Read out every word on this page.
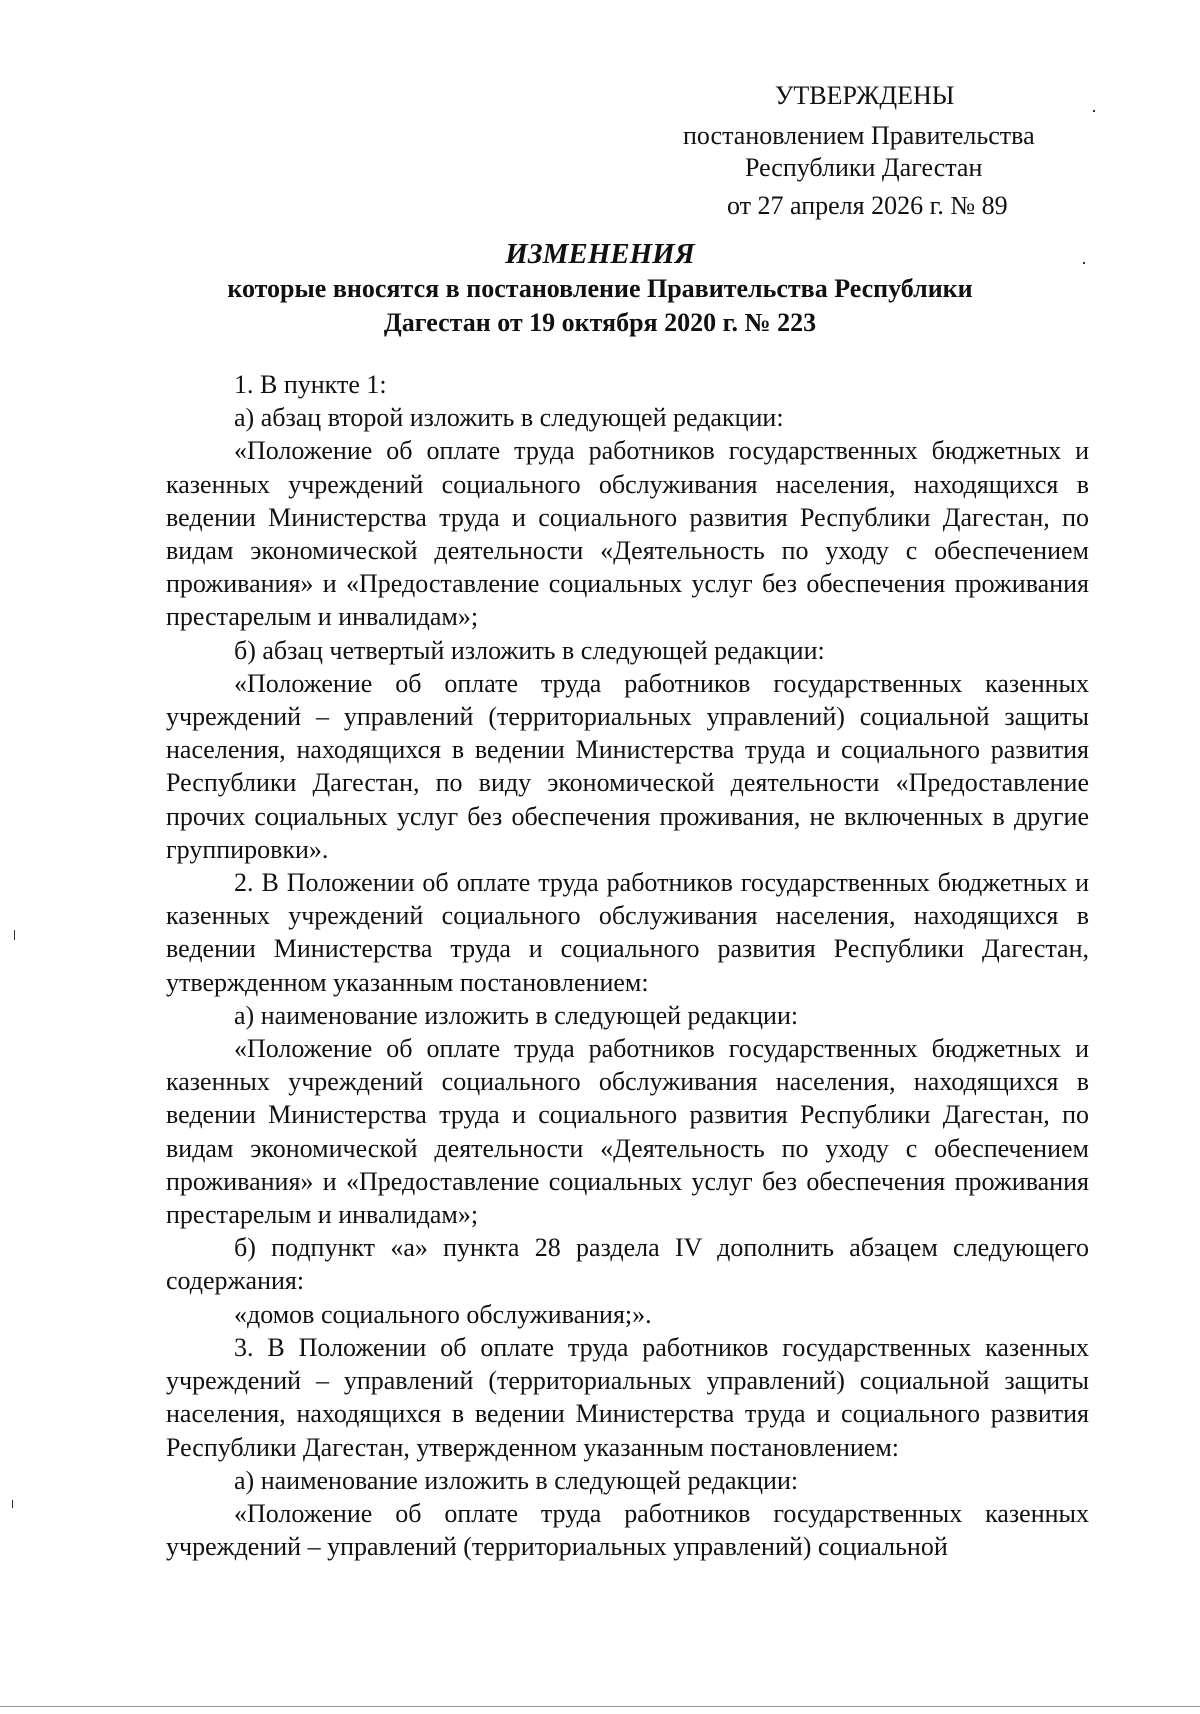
УТВЕРЖДЕНЫ
постановлением Правительства
Республики Дагестан
от 27 апреля 2026 г. № 89
ИЗМЕНЕНИЯ
которые вносятся в постановление Правительства Республики
Дагестан от 19 октября 2020 г. № 223

1. В пункте 1:

а) абзац второй изложить в следующей редакции:

«Положение об оплате труда работников государственных бюджетных и казенных учреждений социального обслуживания населения, находящихся в ведении Министерства труда и социального развития Республики Дагестан, по видам экономической деятельности «Деятельность по уходу с обеспечением проживания» и «Предоставление социальных услуг без обеспечения проживания престарелым и инвалидам»;

б) абзац четвертый изложить в следующей редакции:

«Положение об оплате труда работников государственных казенных учреждений – управлений (территориальных управлений) социальной защиты населения, находящихся в ведении Министерства труда и социального развития Республики Дагестан, по виду экономической деятельности «Предоставление прочих социальных услуг без обеспечения проживания, не включенных в другие группировки».

2. В Положении об оплате труда работников государственных бюджетных и казенных учреждений социального обслуживания населения, находящихся в ведении Министерства труда и социального развития Республики Дагестан, утвержденном указанным постановлением:

а) наименование изложить в следующей редакции:

«Положение об оплате труда работников государственных бюджетных и казенных учреждений социального обслуживания населения, находящихся в ведении Министерства труда и социального развития Республики Дагестан, по видам экономической деятельности «Деятельность по уходу с обеспечением проживания» и «Предоставление социальных услуг без обеспечения проживания престарелым и инвалидам»;

б) подпункт «а» пункта 28 раздела IV дополнить абзацем следующего содержания:

«домов социального обслуживания;».

3. В Положении об оплате труда работников государственных казенных учреждений – управлений (территориальных управлений) социальной защиты населения, находящихся в ведении Министерства труда и социального развития Республики Дагестан, утвержденном указанным постановлением:

а) наименование изложить в следующей редакции:

«Положение об оплате труда работников государственных казенных учреждений – управлений (территориальных управлений) социальной
